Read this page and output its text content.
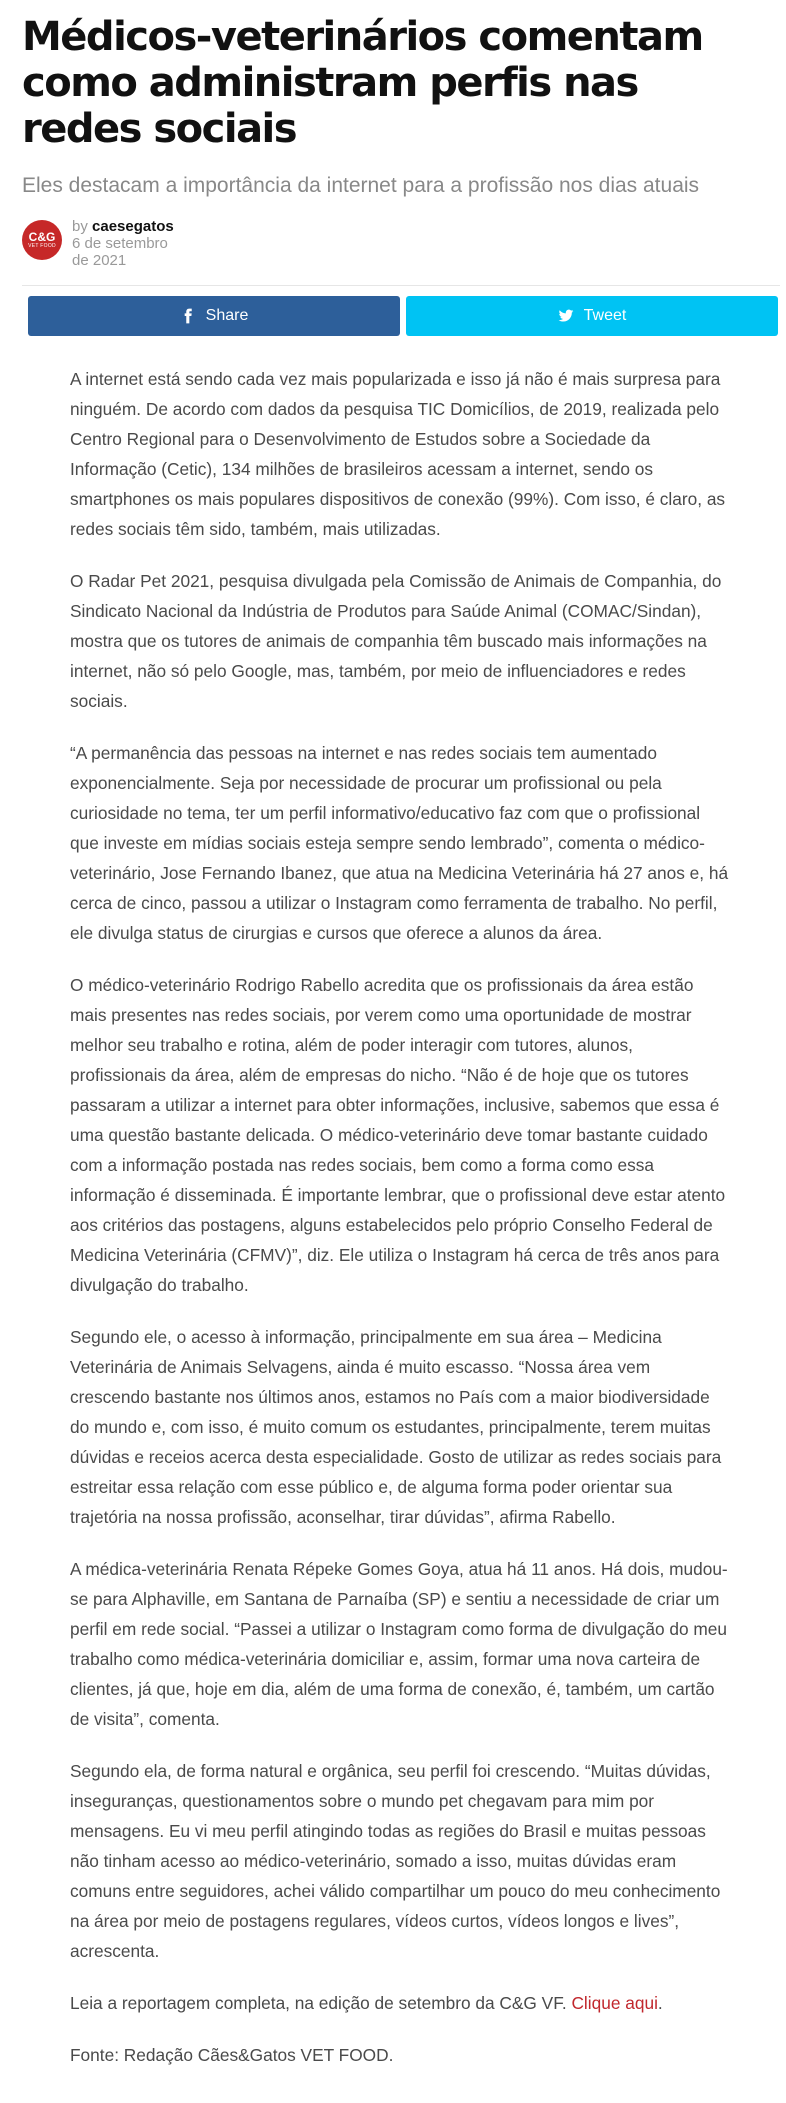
Médicos-veterinários comentam como administram perfis nas redes sociais

Eles destacam a importância da internet para a profissão nos dias atuais

C&G
VET FOOD
by caesegatos
6 de setembro de 2021
Share	Tweet

A internet está sendo cada vez mais popularizada e isso já não é mais surpresa para ninguém. De acordo com dados da pesquisa TIC Domicílios, de 2019, realizada pelo Centro Regional para o Desenvolvimento de Estudos sobre a Sociedade da Informação (Cetic), 134 milhões de brasileiros acessam a internet, sendo os smartphones os mais populares dispositivos de conexão (99%). Com isso, é claro, as redes sociais têm sido, também, mais utilizadas.

O Radar Pet 2021, pesquisa divulgada pela Comissão de Animais de Companhia, do Sindicato Nacional da Indústria de Produtos para Saúde Animal (COMAC/Sindan), mostra que os tutores de animais de companhia têm buscado mais informações na internet, não só pelo Google, mas, também, por meio de influenciadores e redes sociais.

“A permanência das pessoas na internet e nas redes sociais tem aumentado exponencialmente. Seja por necessidade de procurar um profissional ou pela curiosidade no tema, ter um perfil informativo/educativo faz com que o profissional que investe em mídias sociais esteja sempre sendo lembrado”, comenta o médico-veterinário, Jose Fernando Ibanez, que atua na Medicina Veterinária há 27 anos e, há cerca de cinco, passou a utilizar o Instagram como ferramenta de trabalho. No perfil, ele divulga status de cirurgias e cursos que oferece a alunos da área.

O médico-veterinário Rodrigo Rabello acredita que os profissionais da área estão mais presentes nas redes sociais, por verem como uma oportunidade de mostrar melhor seu trabalho e rotina, além de poder interagir com tutores, alunos, profissionais da área, além de empresas do nicho. “Não é de hoje que os tutores passaram a utilizar a internet para obter informações, inclusive, sabemos que essa é uma questão bastante delicada. O médico-veterinário deve tomar bastante cuidado com a informação postada nas redes sociais, bem como a forma como essa informação é disseminada. É importante lembrar, que o profissional deve estar atento aos critérios das postagens, alguns estabelecidos pelo próprio Conselho Federal de Medicina Veterinária (CFMV)”, diz. Ele utiliza o Instagram há cerca de três anos para divulgação do trabalho.

Segundo ele, o acesso à informação, principalmente em sua área – Medicina Veterinária de Animais Selvagens, ainda é muito escasso. “Nossa área vem crescendo bastante nos últimos anos, estamos no País com a maior biodiversidade do mundo e, com isso, é muito comum os estudantes, principalmente, terem muitas dúvidas e receios acerca desta especialidade. Gosto de utilizar as redes sociais para estreitar essa relação com esse público e, de alguma forma poder orientar sua trajetória na nossa profissão, aconselhar, tirar dúvidas”, afirma Rabello.

A médica-veterinária Renata Répeke Gomes Goya, atua há 11 anos. Há dois, mudou-se para Alphaville, em Santana de Parnaíba (SP) e sentiu a necessidade de criar um perfil em rede social. “Passei a utilizar o Instagram como forma de divulgação do meu trabalho como médica-veterinária domiciliar e, assim, formar uma nova carteira de clientes, já que, hoje em dia, além de uma forma de conexão, é, também, um cartão de visita”, comenta.

Segundo ela, de forma natural e orgânica, seu perfil foi crescendo. “Muitas dúvidas, inseguranças, questionamentos sobre o mundo pet chegavam para mim por mensagens. Eu vi meu perfil atingindo todas as regiões do Brasil e muitas pessoas não tinham acesso ao médico-veterinário, somado a isso, muitas dúvidas eram comuns entre seguidores, achei válido compartilhar um pouco do meu conhecimento na área por meio de postagens regulares, vídeos curtos, vídeos longos e lives”, acrescenta.

Leia a reportagem completa, na edição de setembro da C&G VF. Clique aqui.

Fonte: Redação Cães&Gatos VET FOOD.
